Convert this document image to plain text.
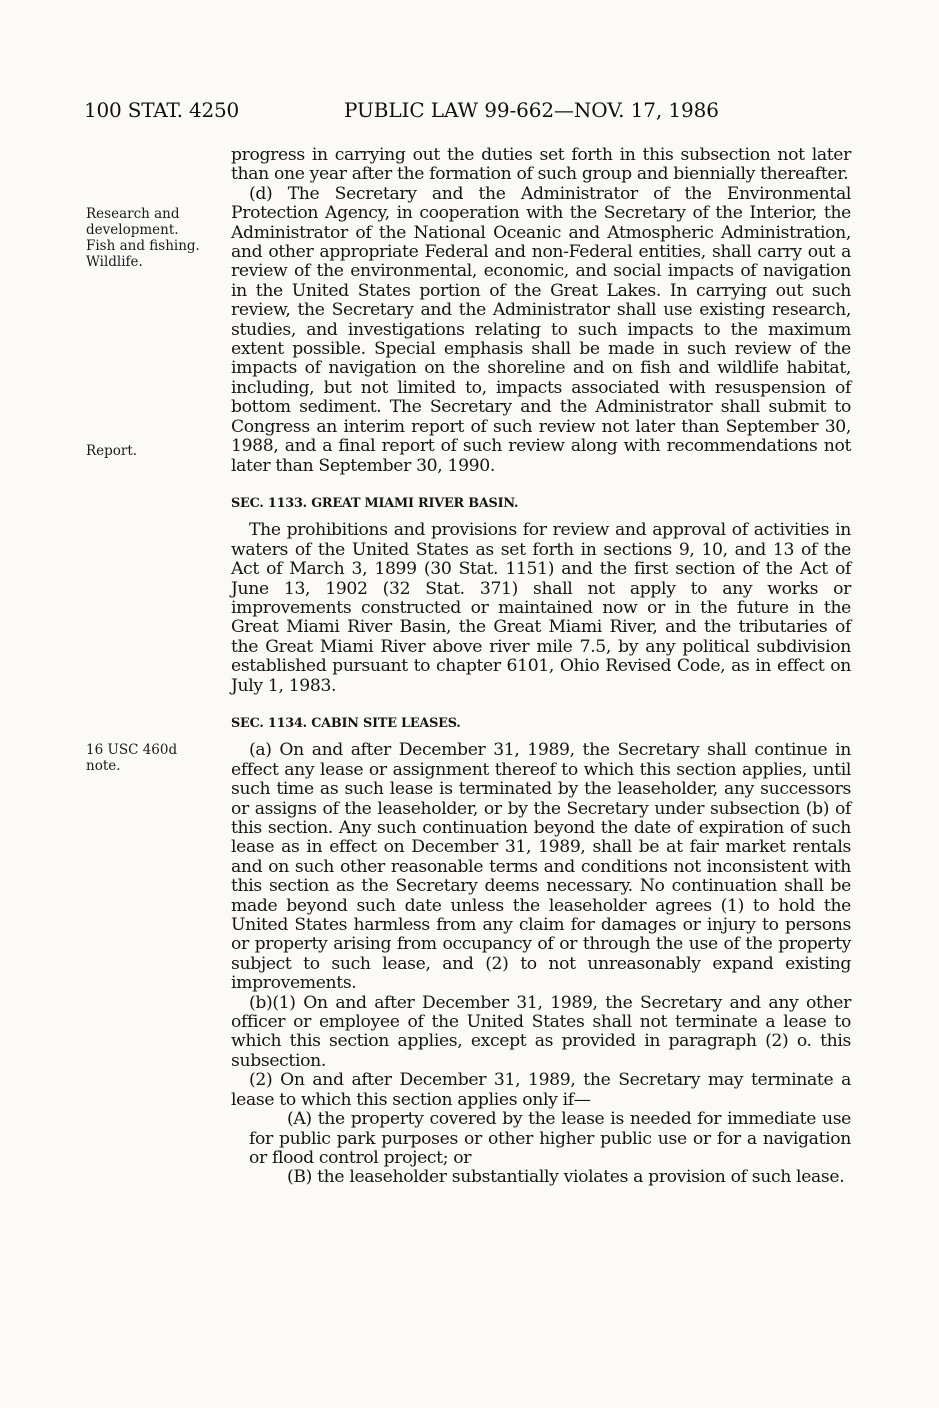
100 STAT. 4250	PUBLIC LAW 99-662—NOV. 17, 1986
Research and
development.
Fish and fishing.
Wildlife.
Report.
16 USC 460d
note.

progress in carrying out the duties set forth in this subsection not later than one year after the formation of such group and biennially thereafter.

(d) The Secretary and the Administrator of the Environmental Protection Agency, in cooperation with the Secretary of the Interior, the Administrator of the National Oceanic and Atmospheric Administration, and other appropriate Federal and non-Federal entities, shall carry out a review of the environmental, economic, and social impacts of navigation in the United States portion of the Great Lakes. In carrying out such review, the Secretary and the Administrator shall use existing research, studies, and investigations relating to such impacts to the maximum extent possible. Special emphasis shall be made in such review of the impacts of navigation on the shoreline and on fish and wildlife habitat, including, but not limited to, impacts associated with resuspension of bottom sediment. The Secretary and the Administrator shall submit to Congress an interim report of such review not later than September 30, 1988, and a final report of such review along with recommendations not later than September 30, 1990.

SEC. 1133. GREAT MIAMI RIVER BASIN.

The prohibitions and provisions for review and approval of activities in waters of the United States as set forth in sections 9, 10, and 13 of the Act of March 3, 1899 (30 Stat. 1151) and the first section of the Act of June 13, 1902 (32 Stat. 371) shall not apply to any works or improvements constructed or maintained now or in the future in the Great Miami River Basin, the Great Miami River, and the tributaries of the Great Miami River above river mile 7.5, by any political subdivision established pursuant to chapter 6101, Ohio Revised Code, as in effect on July 1, 1983.

SEC. 1134. CABIN SITE LEASES.

(a) On and after December 31, 1989, the Secretary shall continue in effect any lease or assignment thereof to which this section applies, until such time as such lease is terminated by the leaseholder, any successors or assigns of the leaseholder, or by the Secretary under subsection (b) of this section. Any such continuation beyond the date of expiration of such lease as in effect on December 31, 1989, shall be at fair market rentals and on such other reasonable terms and conditions not inconsistent with this section as the Secretary deems necessary. No continuation shall be made beyond such date unless the leaseholder agrees (1) to hold the United States harmless from any claim for damages or injury to persons or property arising from occupancy of or through the use of the property subject to such lease, and (2) to not unreasonably expand existing improvements.

(b)(1) On and after December 31, 1989, the Secretary and any other officer or employee of the United States shall not terminate a lease to which this section applies, except as provided in paragraph (2) o. this subsection.

(2) On and after December 31, 1989, the Secretary may terminate a lease to which this section applies only if—

(A) the property covered by the lease is needed for immediate use for public park purposes or other higher public use or for a navigation or flood control project; or

(B) the leaseholder substantially violates a provision of such lease.
